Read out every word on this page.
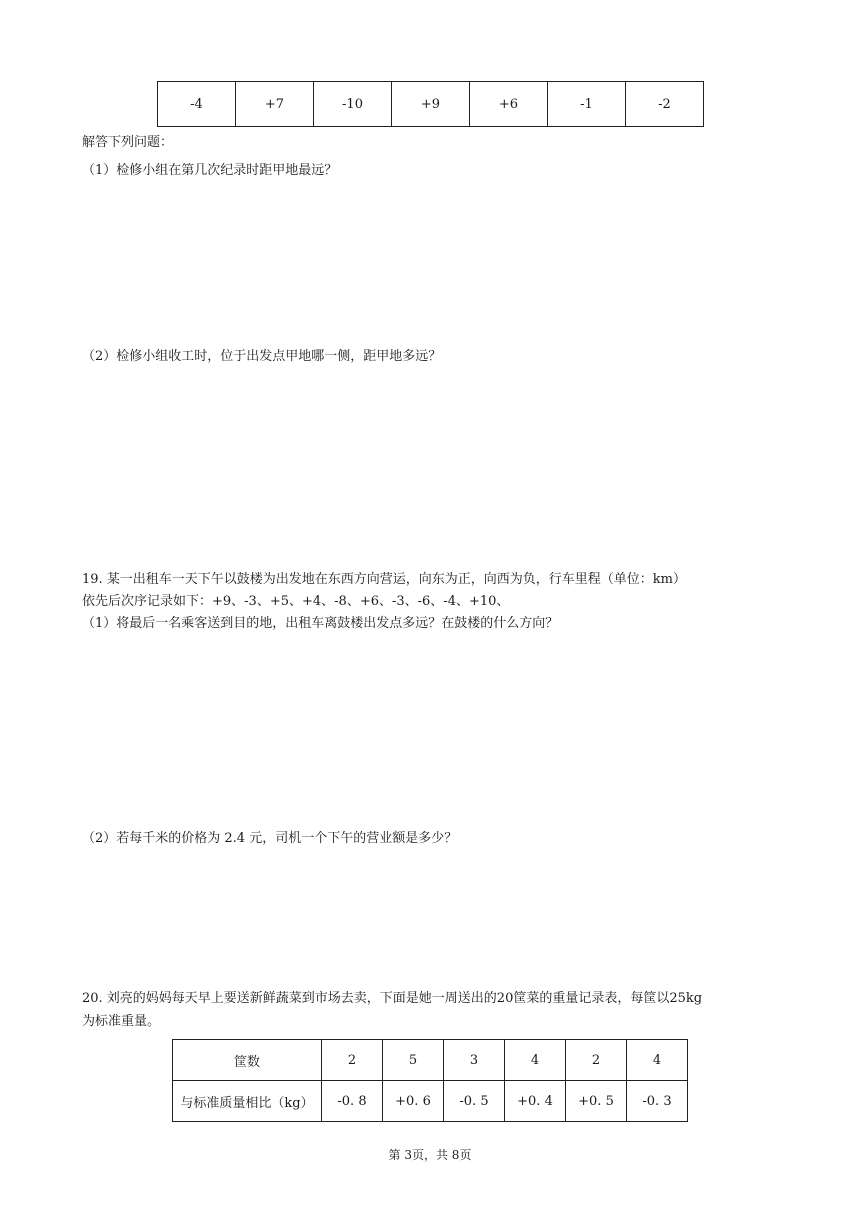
-4	+7	-10	+9	+6	-1	-2
解答下列问题：
（1）检修小组在第几次纪录时距甲地最远？
（2）检修小组收工时，位于出发点甲地哪一侧，距甲地多远？
19. 某一出租车一天下午以鼓楼为出发地在东西方向营运，向东为正，向西为负，行车里程（单位：km）
依先后次序记录如下：+9、-3、+5、+4、-8、+6、-3、-6、-4、+10、
（1）将最后一名乘客送到目的地，出租车离鼓楼出发点多远？在鼓楼的什么方向？
（2）若每千米的价格为 2.4 元，司机一个下午的营业额是多少？
20. 刘亮的妈妈每天早上要送新鲜蔬菜到市场去卖，下面是她一周送出的20筐菜的重量记录表，每筐以25kg
为标准重量。
筐数	2	5	3	4	2	4
与标准质量相比（kg）	-0. 8	+0. 6	-0. 5	+0. 4	+0. 5	-0. 3
第 3页，共 8页
